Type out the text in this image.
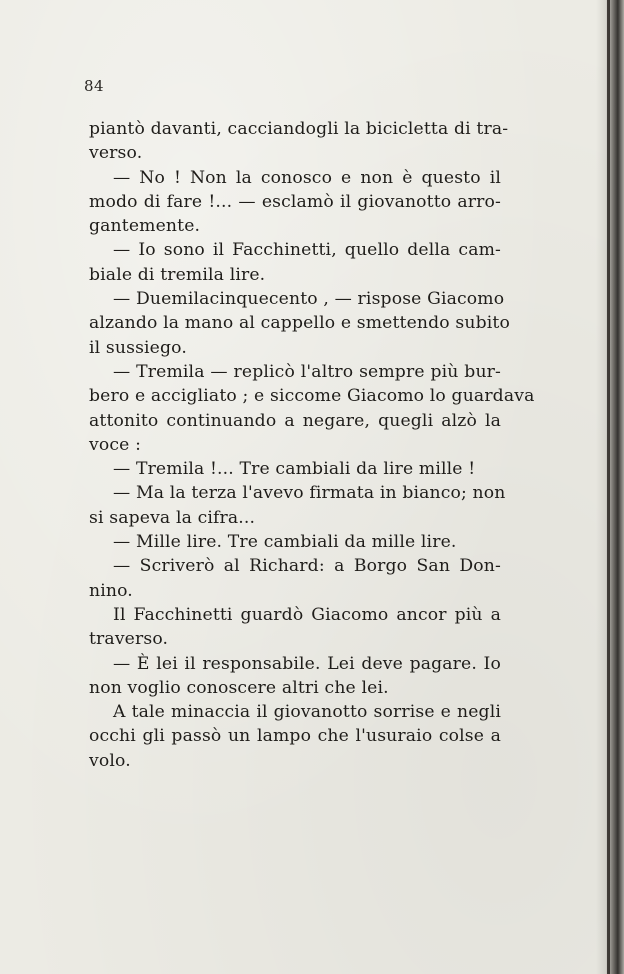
84
piantò davanti, cacciandogli la bicicletta di tra-
verso.
— No ! Non la conosco e non è questo il
modo di fare !... — esclamò il giovanotto arro-
gantemente.
— Io sono il Facchinetti, quello della cam-
biale di tremila lire.
— Duemilacinquecento , — rispose Giacomo
alzando la mano al cappello e smettendo subito
il sussiego.
— Tremila — replicò l'altro sempre più bur-
bero e accigliato ; e siccome Giacomo lo guardava
attonito continuando a negare, quegli alzò la
voce :
— Tremila !... Tre cambiali da lire mille !
— Ma la terza l'avevo firmata in bianco; non
si sapeva la cifra...
— Mille lire. Tre cambiali da mille lire.
— Scriverò al Richard: a Borgo San Don-
nino.
Il Facchinetti guardò Giacomo ancor più a
traverso.
— È lei il responsabile. Lei deve pagare. Io
non voglio conoscere altri che lei.
A tale minaccia il giovanotto sorrise e negli
occhi gli passò un lampo che l'usuraio colse a
volo.
